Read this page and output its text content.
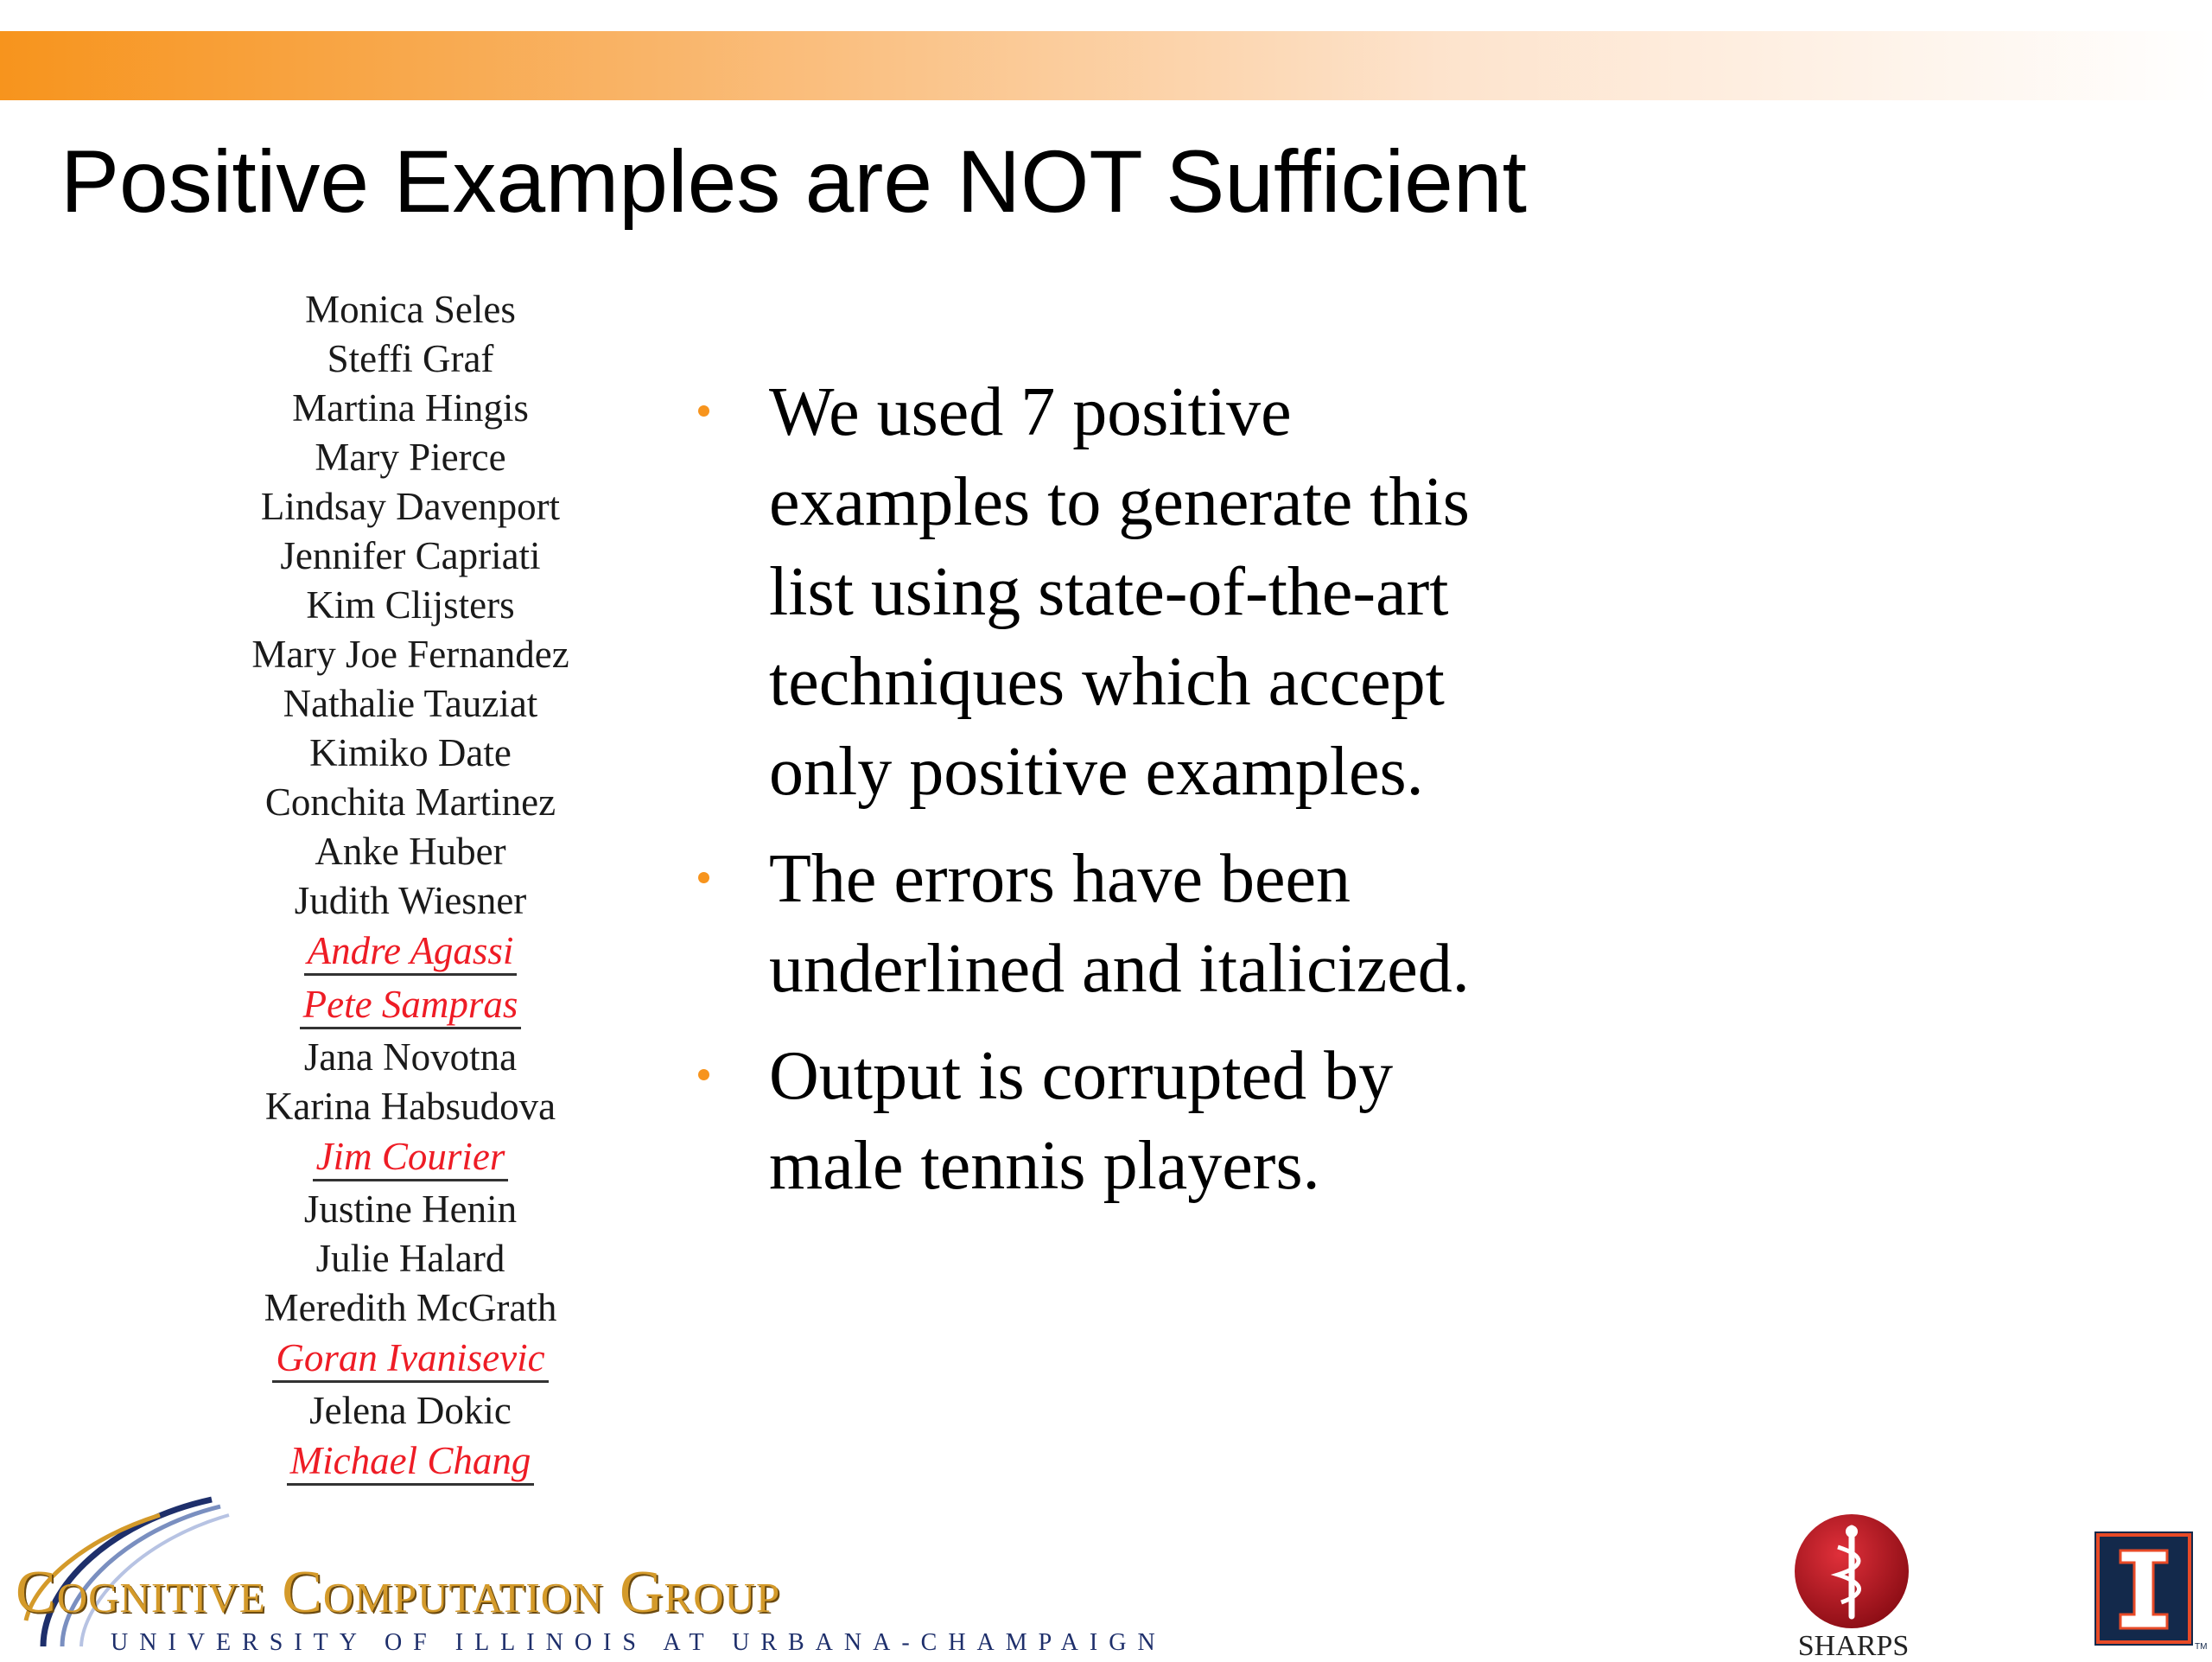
Positive Examples are NOT Sufficient
Monica Seles
Steffi Graf
Martina Hingis
Mary Pierce
Lindsay Davenport
Jennifer Capriati
Kim Clijsters
Mary Joe Fernandez
Nathalie Tauziat
Kimiko Date
Conchita Martinez
Anke Huber
Judith Wiesner
Andre Agassi
Pete Sampras
Jana Novotna
Karina Habsudova
Jim Courier
Justine Henin
Julie Halard
Meredith McGrath
Goran Ivanisevic
Jelena Dokic
Michael Chang
We used 7 positive examples to generate this list using state-of-the-art techniques which accept only positive examples.
The errors have been underlined and italicized.
Output is corrupted by male tennis players.
Cognitive Computation Group
UNIVERSITY OF ILLINOIS AT URBANA-CHAMPAIGN	SHARPS	TM
